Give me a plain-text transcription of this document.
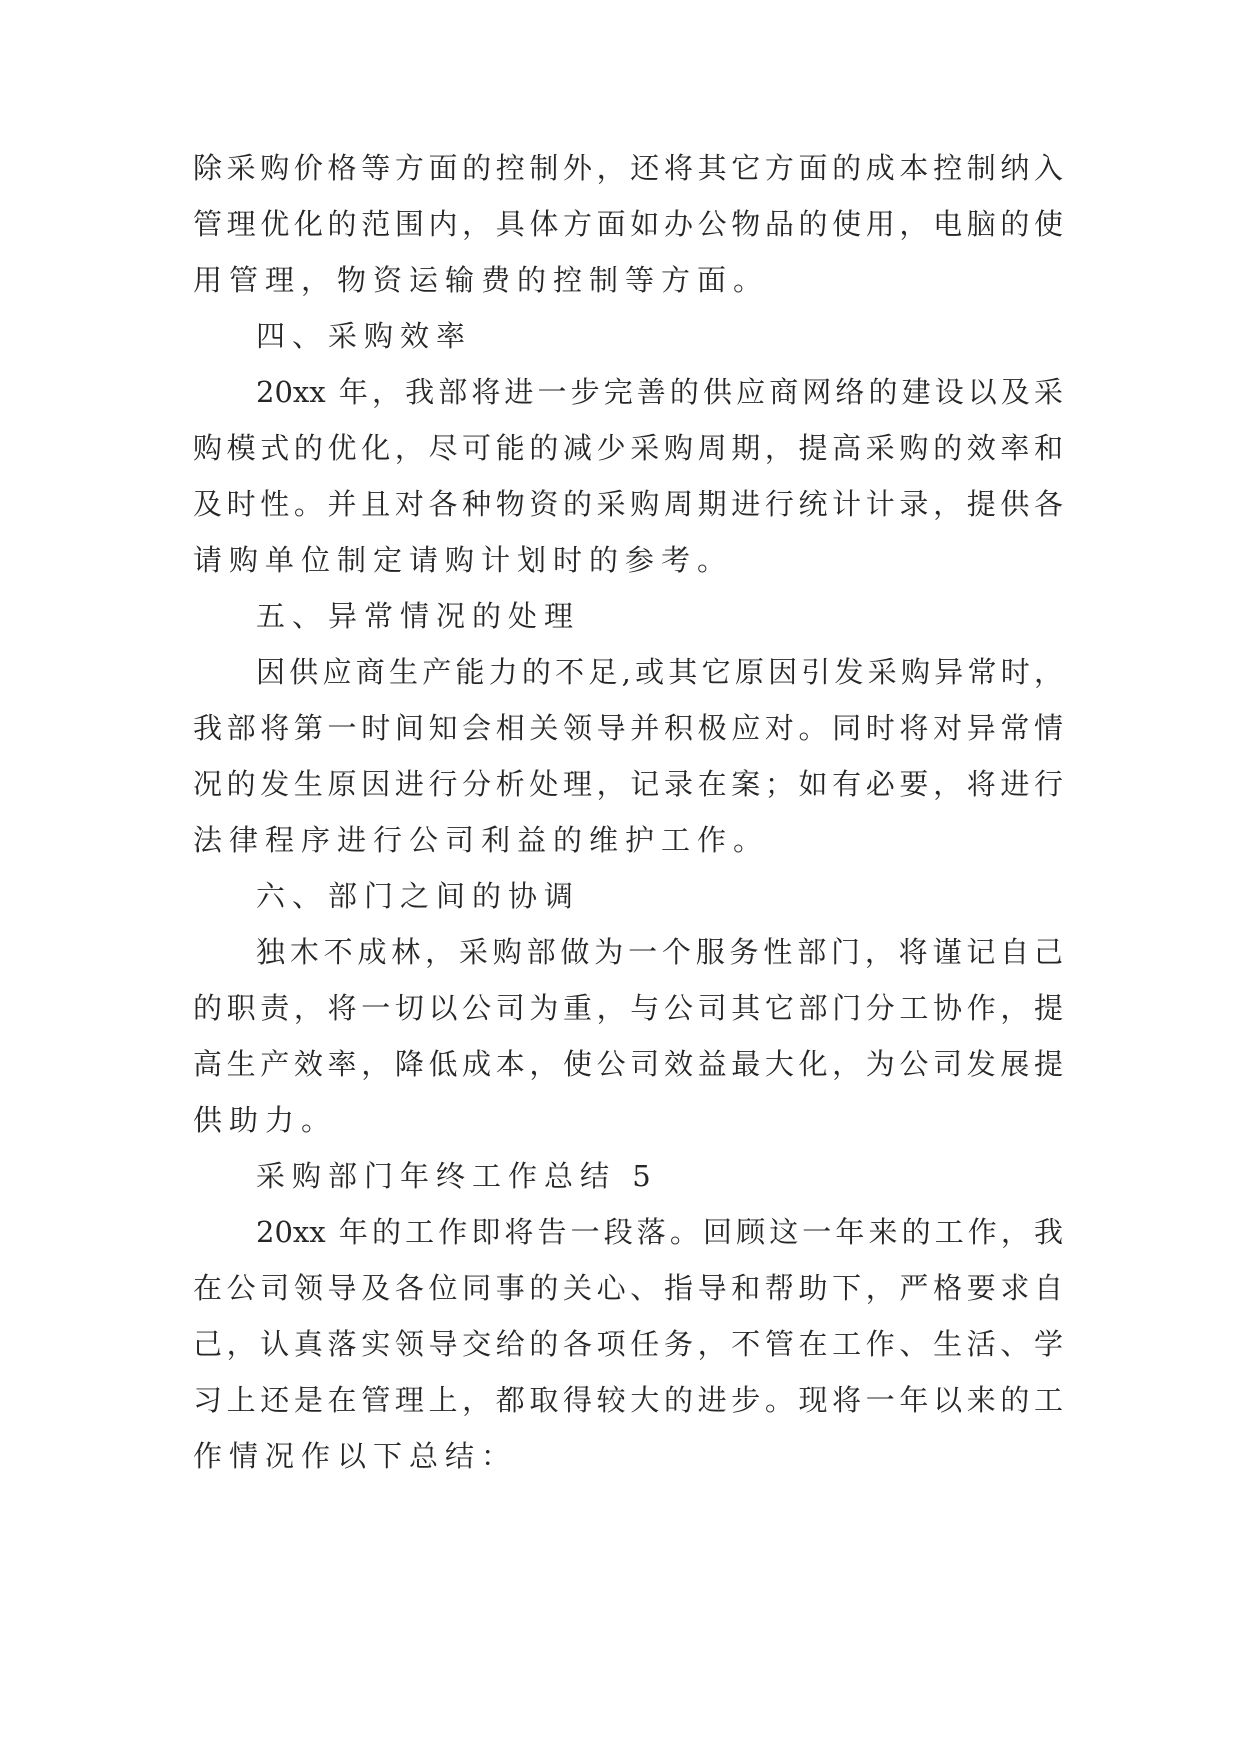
除采购价格等方面的控制外，还将其它方面的成本控制纳入
管理优化的范围内，具体方面如办公物品的使用，电脑的使
用管理，物资运输费的控制等方面。
四、采购效率
20xx 年，我部将进一步完善的供应商网络的建设以及采
购模式的优化，尽可能的减少采购周期，提高采购的效率和
及时性。并且对各种物资的采购周期进行统计计录，提供各
请购单位制定请购计划时的参考。
五、异常情况的处理
因供应商生产能力的不足,或其它原因引发采购异常时，
我部将第一时间知会相关领导并积极应对。同时将对异常情
况的发生原因进行分析处理，记录在案；如有必要，将进行
法律程序进行公司利益的维护工作。
六、部门之间的协调
独木不成林，采购部做为一个服务性部门，将谨记自己
的职责，将一切以公司为重，与公司其它部门分工协作，提
高生产效率，降低成本，使公司效益最大化，为公司发展提
供助力。
采购部门年终工作总结 5
20xx 年的工作即将告一段落。回顾这一年来的工作，我
在公司领导及各位同事的关心、指导和帮助下，严格要求自
己，认真落实领导交给的各项任务，不管在工作、生活、学
习上还是在管理上，都取得较大的进步。现将一年以来的工
作情况作以下总结：
